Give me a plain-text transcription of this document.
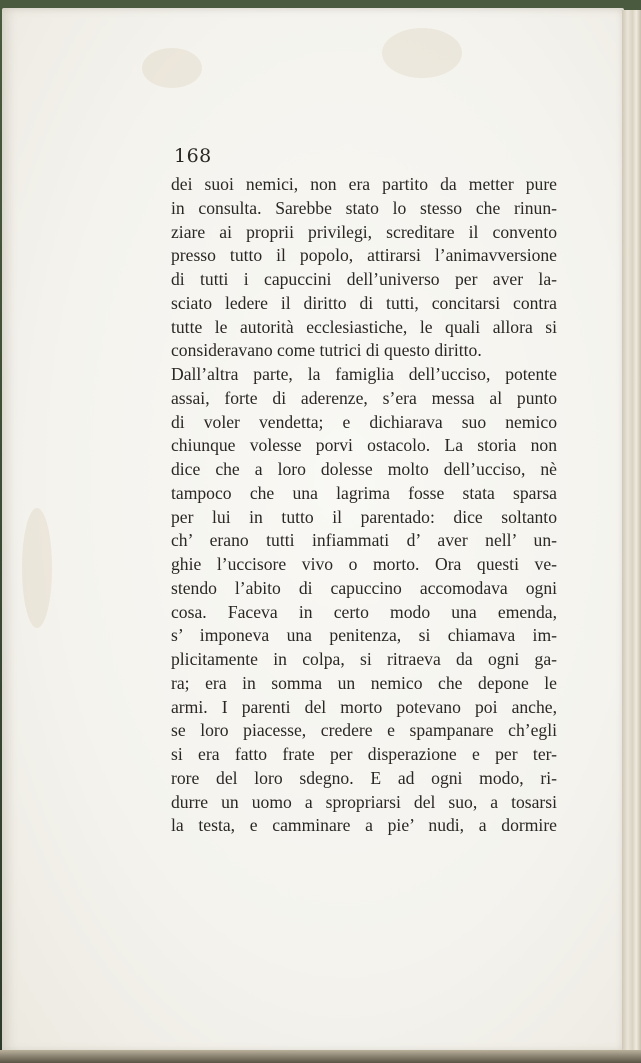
168
dei suoi nemici, non era partito da metter pure
in consulta. Sarebbe stato lo stesso che rinun-
ziare ai proprii privilegi, screditare il convento
presso tutto il popolo, attirarsi l’animavversione
di tutti i capuccini dell’universo per aver la-
sciato ledere il diritto di tutti, concitarsi contra
tutte le autorità ecclesiastiche, le quali allora si
consideravano come tutrici di questo diritto.
Dall’altra parte, la famiglia dell’ucciso, potente
assai, forte di aderenze, s’era messa al punto
di voler vendetta; e dichiarava suo nemico
chiunque volesse porvi ostacolo. La storia non
dice che a loro dolesse molto dell’ucciso, nè
tampoco che una lagrima fosse stata sparsa
per lui in tutto il parentado: dice soltanto
ch’ erano tutti infiammati d’ aver nell’ un-
ghie l’uccisore vivo o morto. Ora questi ve-
stendo l’abito di capuccino accomodava ogni
cosa. Faceva in certo modo una emenda,
s’ imponeva una penitenza, si chiamava im-
plicitamente in colpa, si ritraeva da ogni ga-
ra; era in somma un nemico che depone le
armi. I parenti del morto potevano poi anche,
se loro piacesse, credere e spampanare ch’egli
si era fatto frate per disperazione e per ter-
rore del loro sdegno. E ad ogni modo, ri-
durre un uomo a spropriarsi del suo, a tosarsi
la testa, e camminare a pie’ nudi, a dormire
